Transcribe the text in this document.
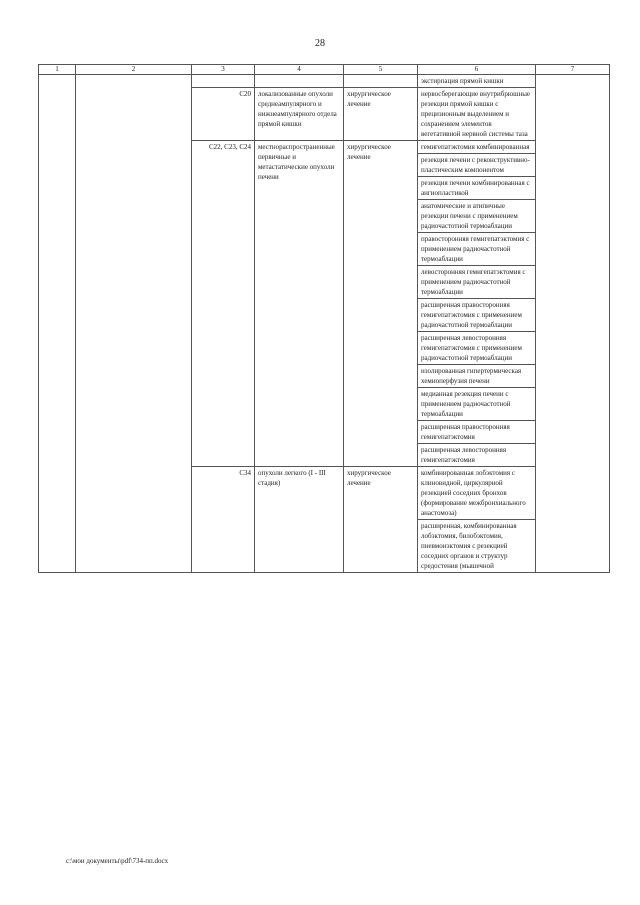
28
1	2	3	4	5	6	7
					экстирпация прямой кишки	
		C20	локализованные опухоли среднеампулярного и нижнеампулярного отдела прямой кишки	хирургическое лечение	нервосберегающие внутрибрюшные резекции прямой кишки с прецизионным выделением и сохранением элементов вегетативной нервной системы таза	
		C22, C23, C24	местнораспространенные первичные и метастатические опухоли печени	хирургическое лечение	гемигепатэктомия комбинированная	
					резекция печени с реконструктивно-пластическим компонентом	
					резекция печени комбинированная с ангиопластикой	
					анатомические и атипичные резекции печени с применением радиочастотной термоаблации	
					правосторонняя гемигепатэктомия с применением радиочастотной термоаблации	
					левосторонняя гемигепатэктомия с применением радиочастотной термоаблации	
					расширенная правосторонняя гемигепатэктомия с применением радиочастотной термоаблации	
					расширенная левосторонняя гемигепатэктомия с применением радиочастотной термоаблации	
					изолированная гипертермическая хемиоперфузия печени	
					медианная резекция печени с применением радиочастотной термоаблации	
					расширенная правосторонняя гемигепатэктомия	
					расширенная левосторонняя гемигепатэктомия	
		C34	опухоли легкого (I - III стадия)	хирургическое лечение	комбинированная лобэктомия с клиновидной, циркулярной резекцией соседних бронхов (формирование межбронхиального анастомоза)	
					расширенная, комбинированная лобэктомия, билобэктомия, пневмонэктомия с резекцией соседних органов и структур средостения (мышечной	
c:\мои документы\pdf\734-пп.docx
